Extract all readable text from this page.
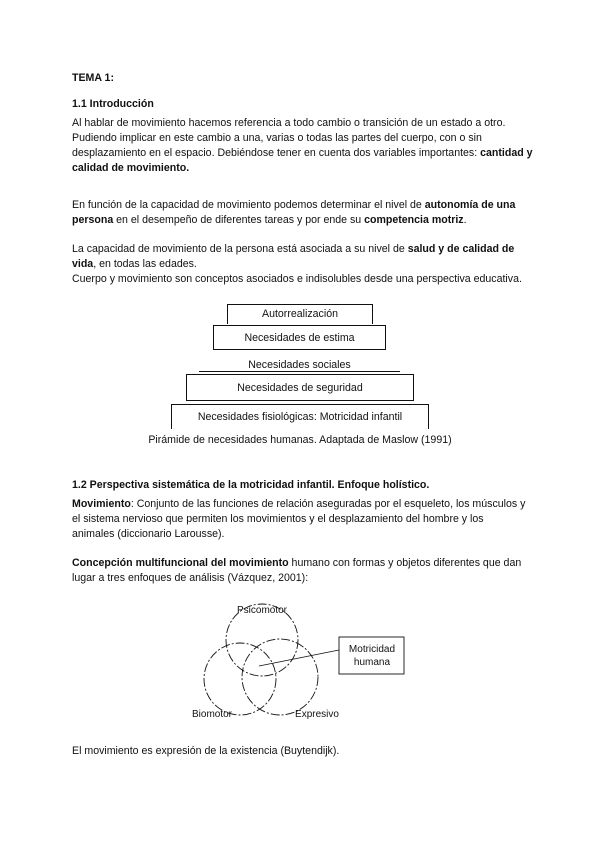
TEMA 1:
1.1 Introducción
Al hablar de movimiento hacemos referencia a todo cambio o transición de un estado a otro. Pudiendo implicar en este cambio a una, varias o todas las partes del cuerpo, con o sin desplazamiento en el espacio. Debiéndose tener en cuenta dos variables importantes: cantidad y calidad de movimiento.
En función de la capacidad de movimiento podemos determinar el nivel de autonomía de una persona en el desempeño de diferentes tareas y por ende su competencia motriz.
La capacidad de movimiento de la persona está asociada a su nivel de salud y de calidad de vida, en todas las edades.
Cuerpo y movimiento son conceptos asociados e indisolubles desde una perspectiva educativa.
Autorrealización
Necesidades de estima
Necesidades sociales
Necesidades de seguridad
Necesidades fisiológicas: Motricidad infantil
Pirámide de necesidades humanas. Adaptada de Maslow (1991)
1.2 Perspectiva sistemática de la motricidad infantil. Enfoque holístico.
Movimiento: Conjunto de las funciones de relación aseguradas por el esqueleto, los músculos y el sistema nervioso que permiten los movimientos y el desplazamiento del hombre y los animales (diccionario Larousse).
Concepción multifuncional del movimiento humano con formas y objetos diferentes que dan lugar a tres enfoques de análisis (Vázquez, 2001):
Psicomotor
Biomotor	Expresivo
Motricidad
humana
El movimiento es expresión de la existencia (Buytendijk).
